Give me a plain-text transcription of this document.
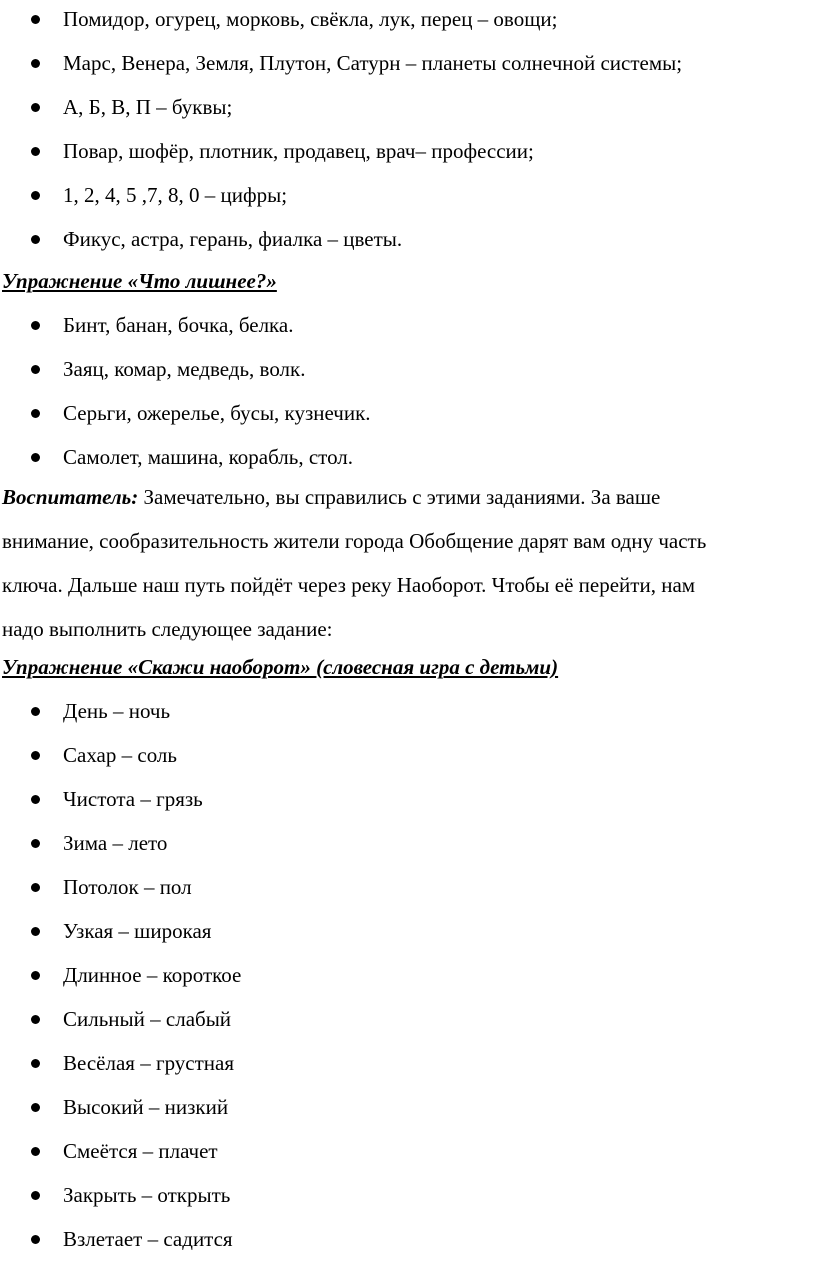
Помидор, огурец, морковь, свёкла, лук, перец – овощи;
Марс, Венера, Земля, Плутон, Сатурн – планеты солнечной системы;
А, Б, В, П – буквы;
Повар, шофёр, плотник, продавец, врач– профессии;
1, 2, 4, 5 ,7, 8, 0 – цифры;
Фикус, астра, герань, фиалка – цветы.
Упражнение «Что лишнее?»
Бинт, банан, бочка, белка.
Заяц, комар, медведь, волк.
Серьги, ожерелье, бусы, кузнечик.
Самолет, машина, корабль, стол.
Воспитатель: Замечательно, вы справились с этими заданиями. За ваше
внимание, сообразительность жители города Обобщение дарят вам одну часть
ключа. Дальше наш путь пойдёт через реку Наоборот. Чтобы её перейти, нам
надо выполнить следующее задание:
Упражнение «Скажи наоборот» (словесная игра с детьми)
День – ночь
Сахар – соль
Чистота – грязь
Зима – лето
Потолок – пол
Узкая – широкая
Длинное – короткое
Сильный – слабый
Весёлая – грустная
Высокий – низкий
Смеётся – плачет
Закрыть – открыть
Взлетает – садится
